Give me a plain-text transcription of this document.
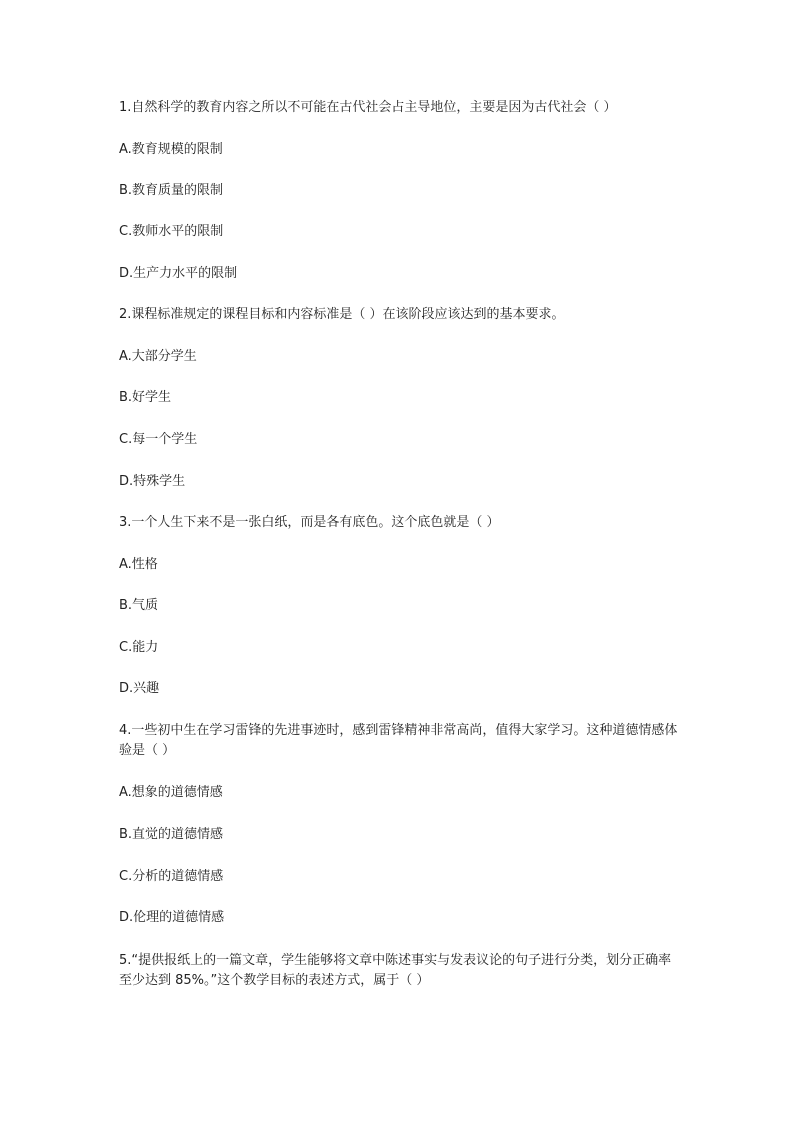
1.自然科学的教育内容之所以不可能在古代社会占主导地位，主要是因为古代社会（ ）
A.教育规模的限制
B.教育质量的限制
C.教师水平的限制
D.生产力水平的限制
2.课程标准规定的课程目标和内容标准是（ ）在该阶段应该达到的基本要求。
A.大部分学生
B.好学生
C.每一个学生
D.特殊学生
3.一个人生下来不是一张白纸，而是各有底色。这个底色就是（ ）
A.性格
B.气质
C.能力
D.兴趣
4.一些初中生在学习雷锋的先进事迹时，感到雷锋精神非常高尚，值得大家学习。这种道德情感体验是（ ）
A.想象的道德情感
B.直觉的道德情感
C.分析的道德情感
D.伦理的道德情感
5.“提供报纸上的一篇文章，学生能够将文章中陈述事实与发表议论的句子进行分类，划分正确率至少达到 85%。”这个教学目标的表述方式，属于（ ）
